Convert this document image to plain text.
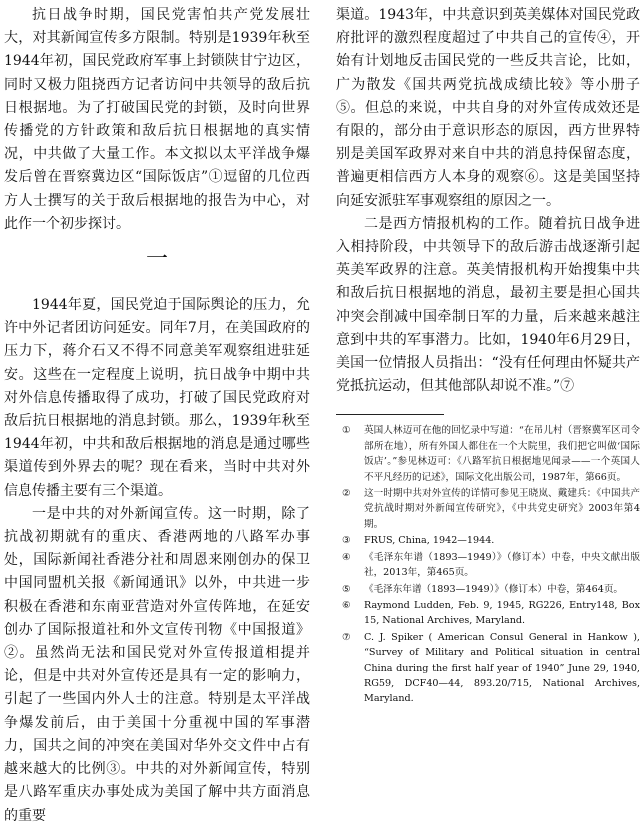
抗日战争时期，国民党害怕共产党发展壮大，对其新闻宣传多方限制。特别是1939年秋至1944年初，国民党政府军事上封锁陕甘宁边区，同时又极力阻挠西方记者访问中共领导的敌后抗日根据地。为了打破国民党的封锁，及时向世界传播党的方针政策和敌后抗日根据地的真实情况，中共做了大量工作。本文拟以太平洋战争爆发后曾在晋察冀边区“国际饭店”①逗留的几位西方人士撰写的关于敌后根据地的报告为中心，对此作一个初步探讨。

一

1944年夏，国民党迫于国际舆论的压力，允许中外记者团访问延安。同年7月，在美国政府的压力下，蒋介石又不得不同意美军观察组进驻延安。这些在一定程度上说明，抗日战争中期中共对外信息传播取得了成功，打破了国民党政府对敌后抗日根据地的消息封锁。那么，1939年秋至1944年初，中共和敌后根据地的消息是通过哪些渠道传到外界去的呢？现在看来，当时中共对外信息传播主要有三个渠道。

一是中共的对外新闻宣传。这一时期，除了抗战初期就有的重庆、香港两地的八路军办事处，国际新闻社香港分社和周恩来刚创办的保卫中国同盟机关报《新闻通讯》以外，中共进一步积极在香港和东南亚营造对外宣传阵地，在延安创办了国际报道社和外文宣传刊物《中国报道》②。虽然尚无法和国民党对外宣传报道相提并论，但是中共对外宣传还是具有一定的影响力，引起了一些国内外人士的注意。特别是太平洋战争爆发前后，由于美国十分重视中国的军事潜力，国共之间的冲突在美国对华外交文件中占有越来越大的比例③。中共的对外新闻宣传，特别是八路军重庆办事处成为美国了解中共方面消息的重要

渠道。1943年，中共意识到英美媒体对国民党政府批评的激烈程度超过了中共自己的宣传④，开始有计划地反击国民党的一些反共言论，比如，广为散发《国共两党抗战成绩比较》等小册子⑤。但总的来说，中共自身的对外宣传成效还是有限的，部分由于意识形态的原因，西方世界特别是美国军政界对来自中共的消息持保留态度，普遍更相信西方人本身的观察⑥。这是美国坚持向延安派驻军事观察组的原因之一。

二是西方情报机构的工作。随着抗日战争进入相持阶段，中共领导下的敌后游击战逐渐引起英美军政界的注意。英美情报机构开始搜集中共和敌后抗日根据地的消息，最初主要是担心国共冲突会削减中国牵制日军的力量，后来越来越注意到中共的军事潜力。比如，1940年6月29日，美国一位情报人员指出：“没有任何理由怀疑共产党抵抗运动，但其他部队却说不准。”⑦

①	英国人林迈可在他的回忆录中写道：“在吊儿村（晋察冀军区司令部所在地），所有外国人都住在一个大院里，我们把它叫做‘国际饭店’。”参见林迈可：《八路军抗日根据地见闻录——一个英国人不平凡经历的记述》，国际文化出版公司，1987年，第66页。
②	这一时期中共对外宣传的详情可参见王晓岚、戴建兵：《中国共产党抗战时期对外新闻宣传研究》，《中共党史研究》2003年第4期。
③	FRUS, China, 1942—1944.
④	《毛泽东年谱（1893—1949）》（修订本）中卷，中央文献出版社，2013年，第465页。
⑤	《毛泽东年谱（1893—1949）》（修订本）中卷，第464页。
⑥	Raymond Ludden, Feb. 9, 1945, RG226, Entry148, Box 15, National Archives, Maryland.
⑦	C. J. Spiker ( American Consul General in Hankow ), “Survey of Military and Political situation in central China during the first half year of 1940” June 29, 1940, RG59, DCF40—44, 893.20/715, National Archives, Maryland.
